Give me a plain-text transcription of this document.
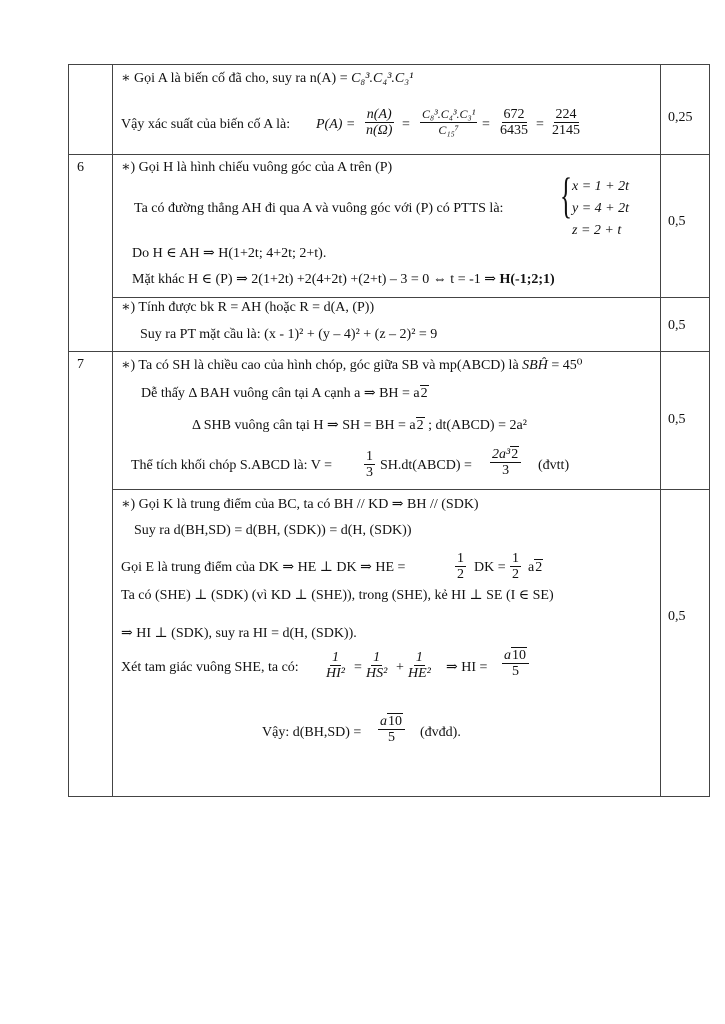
6
7
0,25
0,5
0,5
0,5
0,5
∗ Gọi A là biến cố đã cho, suy ra n(A) = C₈³.C₄³.C₃¹
Vậy xác suất của biến cố A là: $P(A) = \frac{n(A)}{n(\Omega)} = \frac{\text{C₈³.C₄³.C₃¹}}{\text{C₁₅⁷}} = \frac{672}{6435} = \frac{224}{2145}$
∗) Gọi H là hình chiếu vuông góc của A trên (P)
Ta có đường thẳng AH đi qua A và vuông góc với (P) có PTTS là: { x = 1 + 2t
y = 4 + 2t
z = 2 + t
Do H ∈ AH ⇒ H(1+2t; 4+2t; 2+t).
Mặt khác H ∈ (P) ⇒ 2(1+2t) +2(4+2t) +(2+t) – 3 = 0 ⇔ t = -1 ⇒ H(-1;2;1)
∗) Tính được bk R = AH (hoặc R = d(A, (P))
Suy ra PT mặt cầu là: (x - 1)² + (y – 4)² + (z – 2)² = 9
∗) Ta có SH là chiều cao của hình chóp, góc giữa SB và mp(ABCD) là SBĤ = 45⁰
Dễ thấy Δ BAH vuông cân tại A cạnh a ⇒ BH = a2
Δ SHB vuông cân tại H ⇒ SH = BH = a2 ; dt(ABCD) = 2a²
Thể tích khối chóp S.ABCD là: $V = \frac{1}{3}$ SH.dt(ABCD) = $\frac{\text{2a³2}}{3}$ (đvtt)
∗) Gọi K là trung điểm của BC, ta có BH // KD ⇒ BH // (SDK)
Suy ra d(BH,SD) = d(BH, (SDK)) = d(H, (SDK))
Gọi E là trung điểm của DK ⇒ HE ⊥ DK ⇒ HE =	$\frac{1}{2}$ DK = $\frac{1}{2} a2$
Ta có (SHE) ⊥ (SDK) (vì KD ⊥ (SHE)), trong (SHE), kẻ HI ⊥ SE (I ∈ SE)
⇒ HI ⊥ (SDK), suy ra HI = d(H, (SDK)).
Xét tam giác vuông SHE, ta có: $\frac{1}{\text{HI²}} = \frac{1}{\text{HS²}} + \frac{1}{\text{HE²}}$ ⇒ HI = $\frac{a10}{5}$
Vậy: $d(BH,SD) = \frac{a10}{5}$ (đvđd).
